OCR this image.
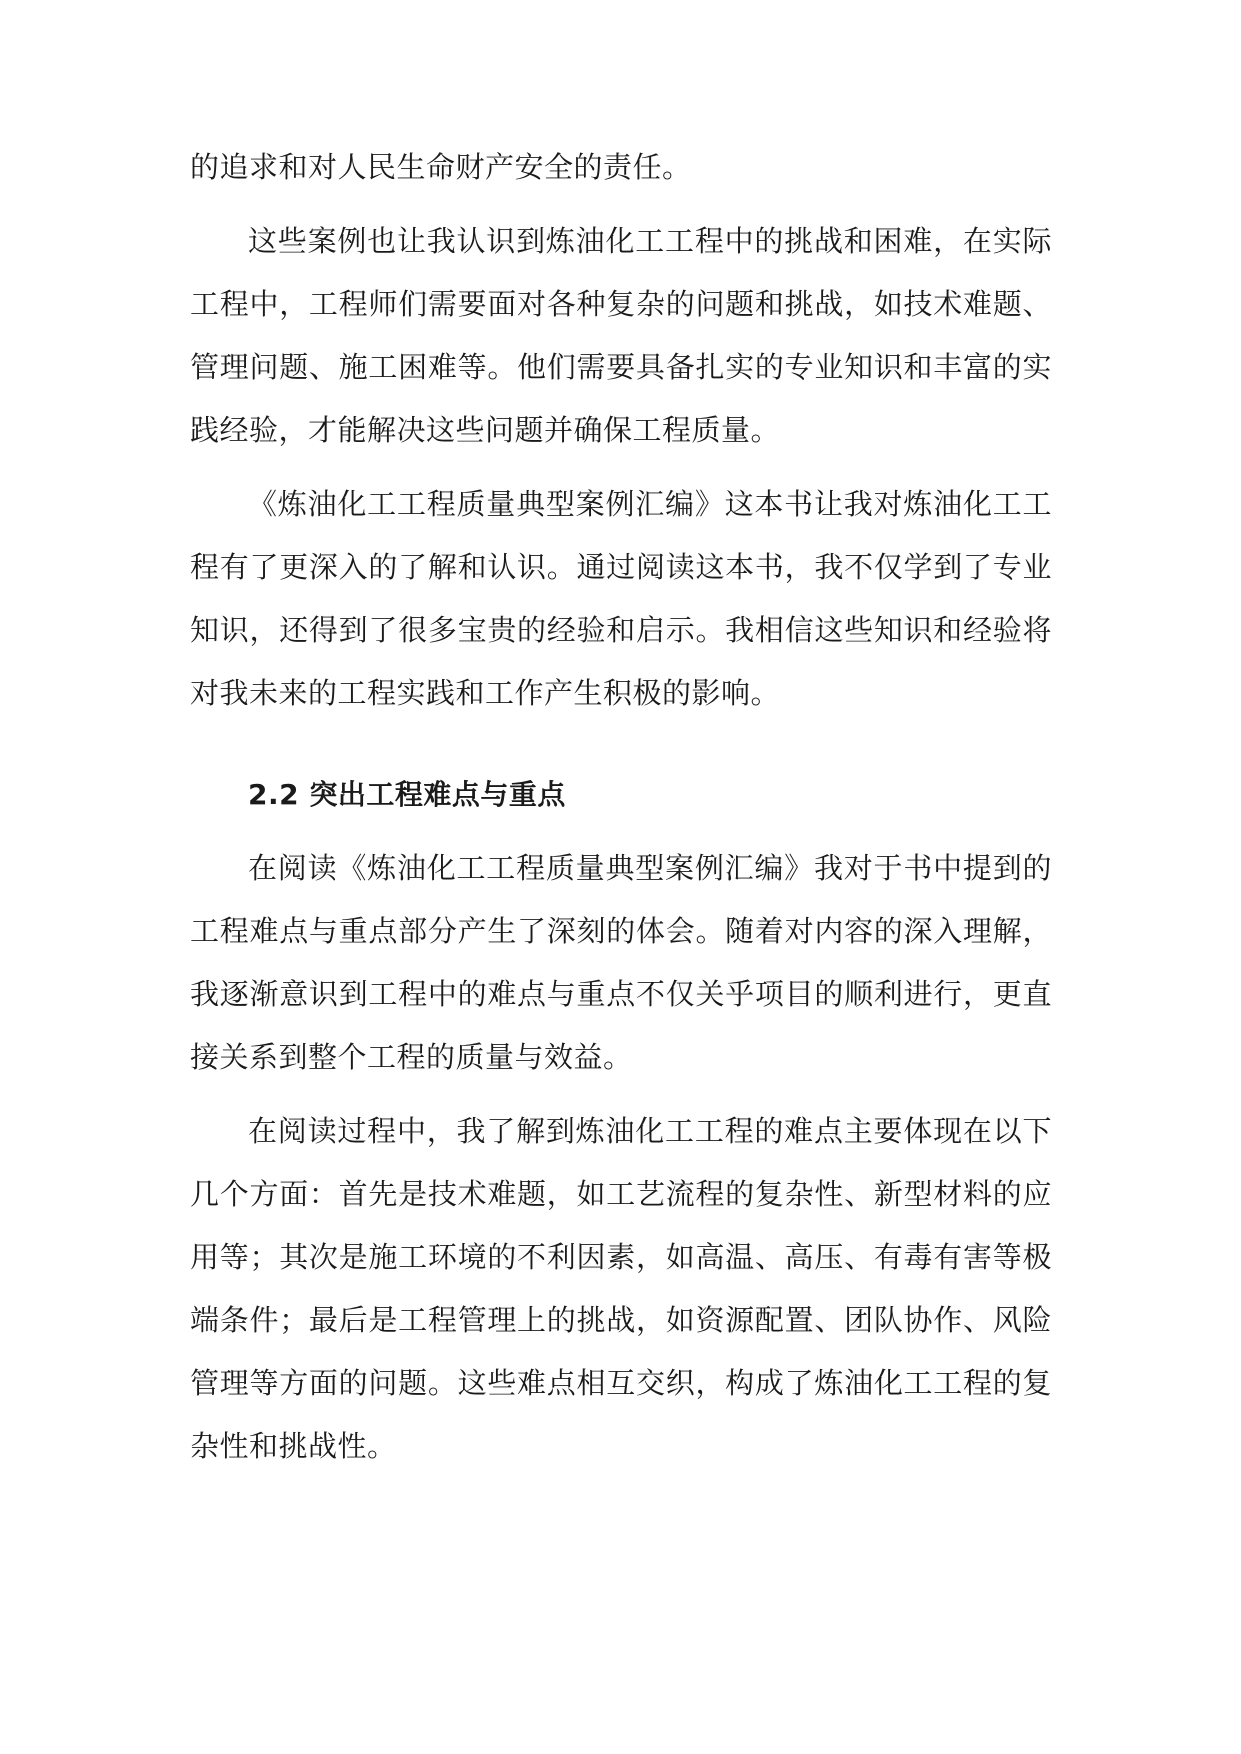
的追求和对人民生命财产安全的责任。

这些案例也让我认识到炼油化工工程中的挑战和困难，在实际工程中，工程师们需要面对各种复杂的问题和挑战，如技术难题、管理问题、施工困难等。他们需要具备扎实的专业知识和丰富的实践经验，才能解决这些问题并确保工程质量。

《炼油化工工程质量典型案例汇编》这本书让我对炼油化工工程有了更深入的了解和认识。通过阅读这本书，我不仅学到了专业知识，还得到了很多宝贵的经验和启示。我相信这些知识和经验将对我未来的工程实践和工作产生积极的影响。

2.2 突出工程难点与重点

在阅读《炼油化工工程质量典型案例汇编》我对于书中提到的工程难点与重点部分产生了深刻的体会。随着对内容的深入理解，我逐渐意识到工程中的难点与重点不仅关乎项目的顺利进行，更直接关系到整个工程的质量与效益。

在阅读过程中，我了解到炼油化工工程的难点主要体现在以下几个方面：首先是技术难题，如工艺流程的复杂性、新型材料的应用等；其次是施工环境的不利因素，如高温、高压、有毒有害等极端条件；最后是工程管理上的挑战，如资源配置、团队协作、风险管理等方面的问题。这些难点相互交织，构成了炼油化工工程的复杂性和挑战性。
